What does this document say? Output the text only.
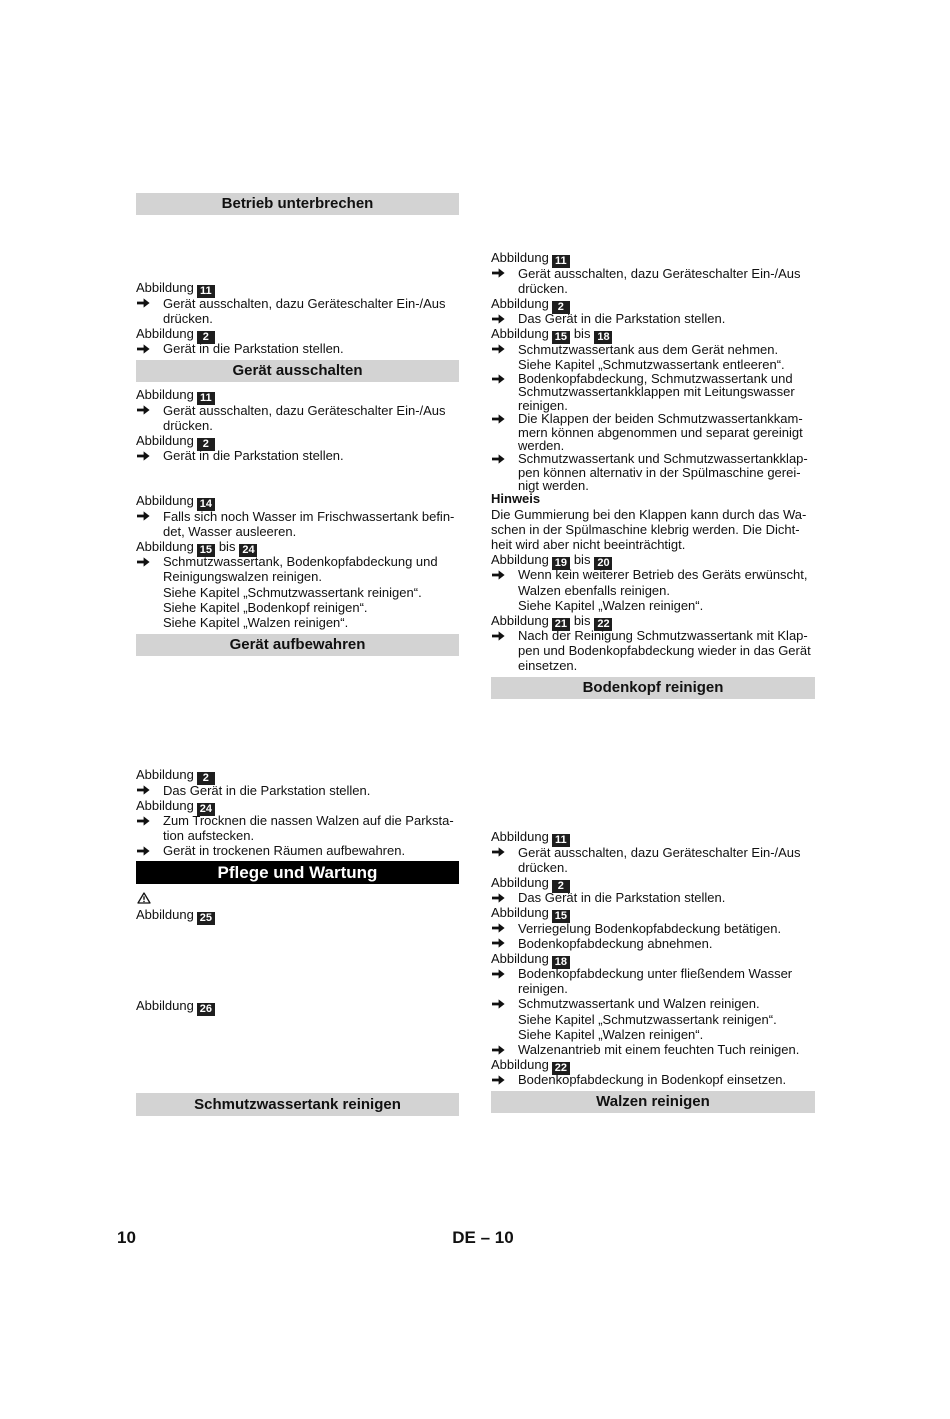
Betrieb unterbrechen
Abbildung 11
Gerät ausschalten, dazu Geräteschalter Ein-/Aus
drücken.
Abbildung 2
Gerät in die Parkstation stellen.
Gerät ausschalten
Abbildung 11
Gerät ausschalten, dazu Geräteschalter Ein-/Aus
drücken.
Abbildung 2
Gerät in die Parkstation stellen.
Abbildung 14
Falls sich noch Wasser im Frischwassertank befin-
det, Wasser ausleeren.
Abbildung 15 bis 24
Schmutzwassertank, Bodenkopfabdeckung und
Reinigungswalzen reinigen.
Siehe Kapitel „Schmutzwassertank reinigen“.
Siehe Kapitel „Bodenkopf reinigen“.
Siehe Kapitel „Walzen reinigen“.
Gerät aufbewahren
Abbildung 2
Das Gerät in die Parkstation stellen.
Abbildung 24
Zum Trocknen die nassen Walzen auf die Parksta-
tion aufstecken.
Gerät in trockenen Räumen aufbewahren.
Pflege und Wartung
Abbildung 25
Abbildung 26
Schmutzwassertank reinigen
Abbildung 11
Gerät ausschalten, dazu Geräteschalter Ein-/Aus
drücken.
Abbildung 2
Das Gerät in die Parkstation stellen.
Abbildung 15 bis 18
Schmutzwassertank aus dem Gerät nehmen.
Siehe Kapitel „Schmutzwassertank entleeren“.
Bodenkopfabdeckung, Schmutzwassertank und
Schmutzwassertankklappen mit Leitungswasser
reinigen.
Die Klappen der beiden Schmutzwassertankkam-
mern können abgenommen und separat gereinigt
werden.
Schmutzwassertank und Schmutzwassertankklap-
pen können alternativ in der Spülmaschine gerei-
nigt werden.
Hinweis
Die Gummierung bei den Klappen kann durch das Wa-
schen in der Spülmaschine klebrig werden. Die Dicht-
heit wird aber nicht beeinträchtigt.
Abbildung 19 bis 20
Wenn kein weiterer Betrieb des Geräts erwünscht,
Walzen ebenfalls reinigen.
Siehe Kapitel „Walzen reinigen“.
Abbildung 21 bis 22
Nach der Reinigung Schmutzwassertank mit Klap-
pen und Bodenkopfabdeckung wieder in das Gerät
einsetzen.
Bodenkopf reinigen
Abbildung 11
Gerät ausschalten, dazu Geräteschalter Ein-/Aus
drücken.
Abbildung 2
Das Gerät in die Parkstation stellen.
Abbildung 15
Verriegelung Bodenkopfabdeckung betätigen.
Bodenkopfabdeckung abnehmen.
Abbildung 18
Bodenkopfabdeckung unter fließendem Wasser
reinigen.
Schmutzwassertank und Walzen reinigen.
Siehe Kapitel „Schmutzwassertank reinigen“.
Siehe Kapitel „Walzen reinigen“.
Walzenantrieb mit einem feuchten Tuch reinigen.
Abbildung 22
Bodenkopfabdeckung in Bodenkopf einsetzen.
Walzen reinigen
10	DE – 10
